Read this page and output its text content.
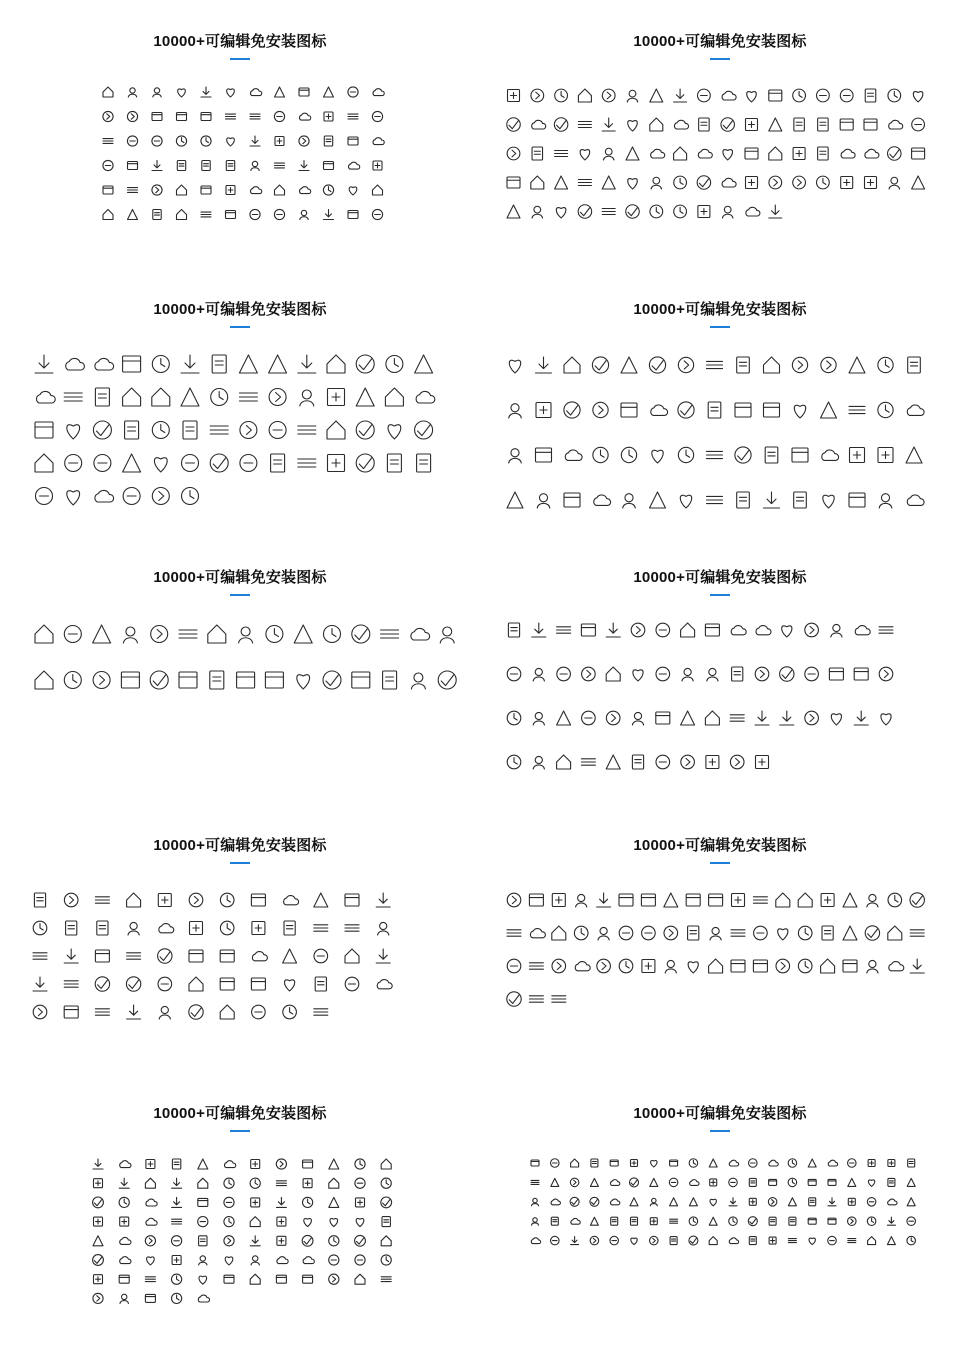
10000+可编辑免安装图标	10000+可编辑免安装图标
10000+可编辑免安装图标	10000+可编辑免安装图标
10000+可编辑免安装图标	10000+可编辑免安装图标
10000+可编辑免安装图标	10000+可编辑免安装图标
10000+可编辑免安装图标	10000+可编辑免安装图标
